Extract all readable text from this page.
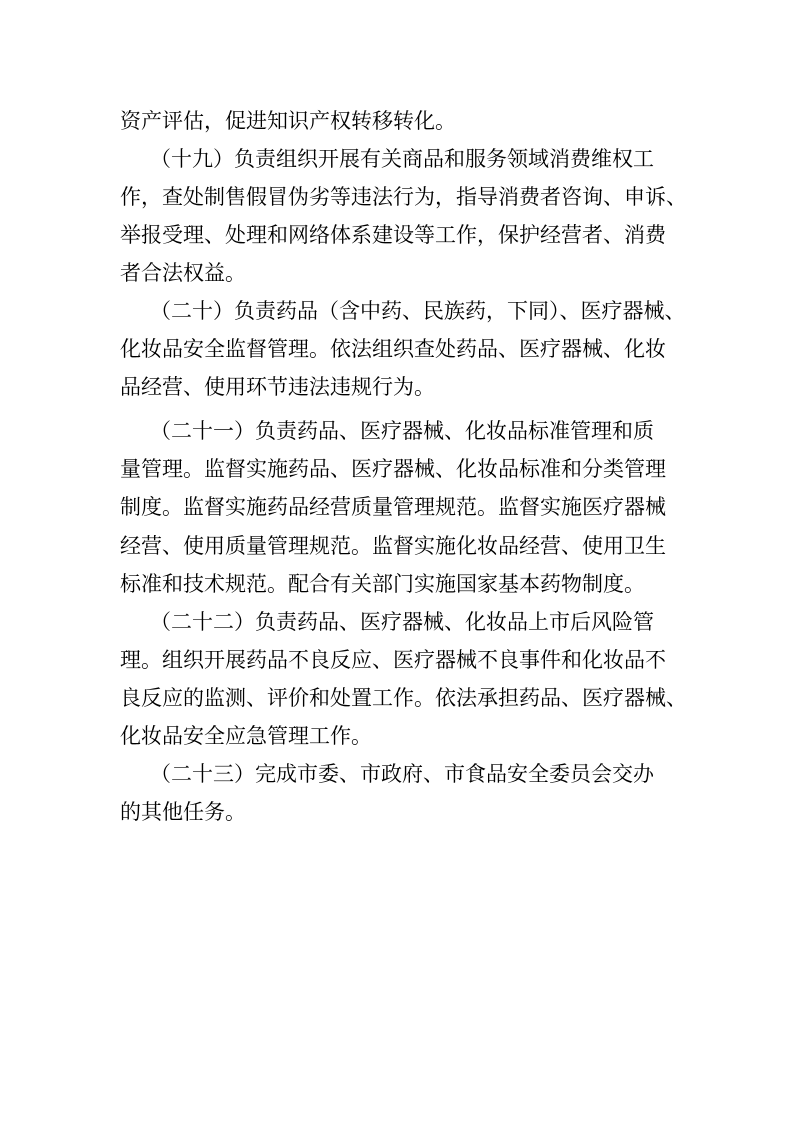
资产评估，促进知识产权转移转化。
（十九）负责组织开展有关商品和服务领域消费维权工
作，查处制售假冒伪劣等违法行为，指导消费者咨询、申诉、
举报受理、处理和网络体系建设等工作，保护经营者、消费
者合法权益。
（二十）负责药品（含中药、民族药，下同）、医疗器械、
化妆品安全监督管理。依法组织查处药品、医疗器械、化妆
品经营、使用环节违法违规行为。
（二十一）负责药品、医疗器械、化妆品标准管理和质
量管理。监督实施药品、医疗器械、化妆品标准和分类管理
制度。监督实施药品经营质量管理规范。监督实施医疗器械
经营、使用质量管理规范。监督实施化妆品经营、使用卫生
标准和技术规范。配合有关部门实施国家基本药物制度。
（二十二）负责药品、医疗器械、化妆品上市后风险管
理。组织开展药品不良反应、医疗器械不良事件和化妆品不
良反应的监测、评价和处置工作。依法承担药品、医疗器械、
化妆品安全应急管理工作。
（二十三）完成市委、市政府、市食品安全委员会交办
的其他任务。
